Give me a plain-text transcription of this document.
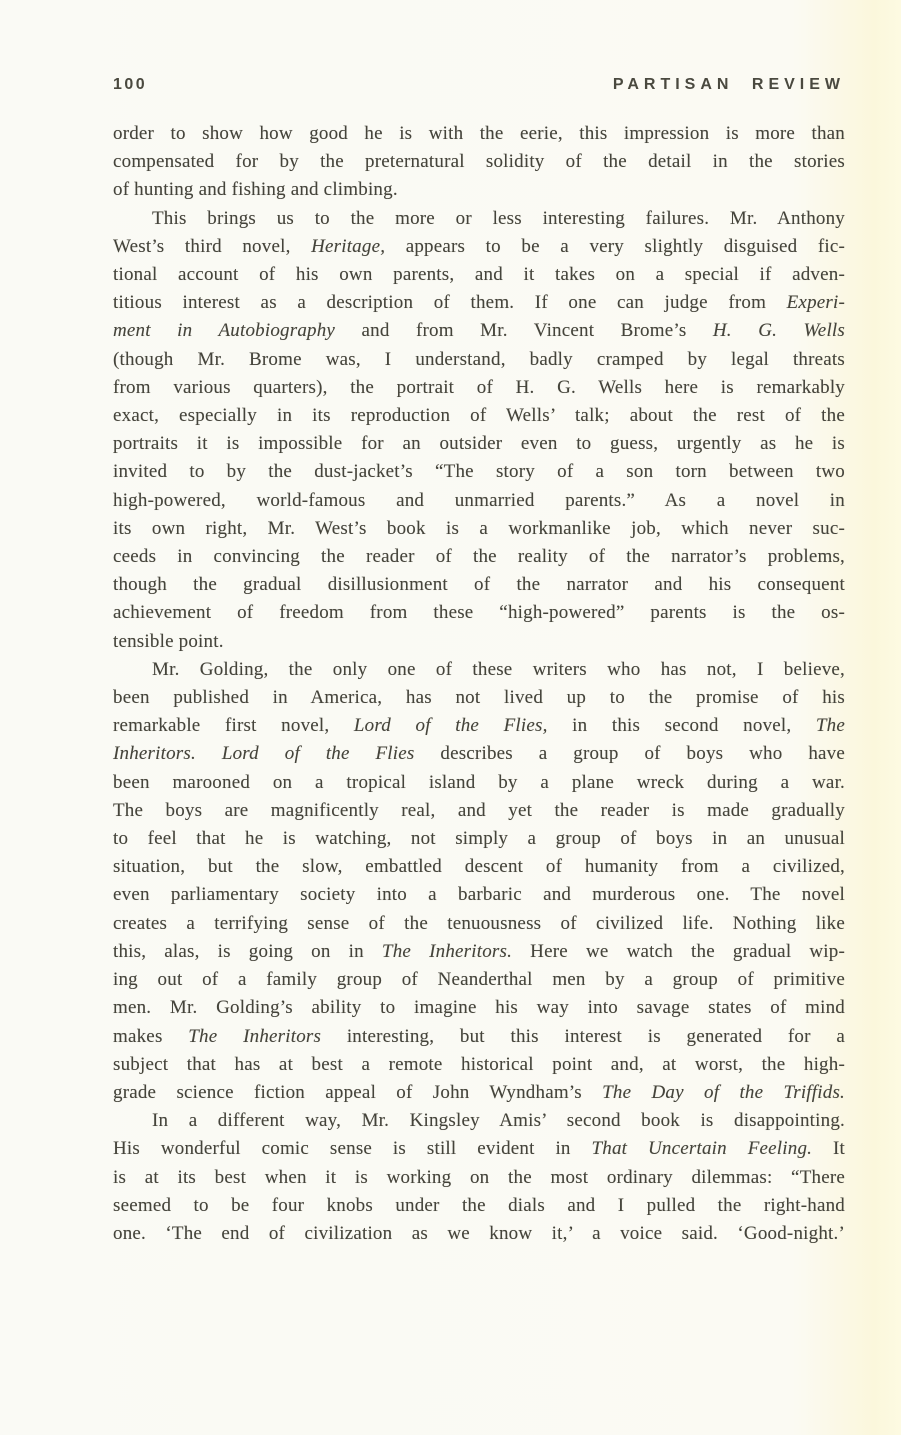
100	PARTISAN REVIEW
order to show how good he is with the eerie, this impression is more than
compensated for by the preternatural solidity of the detail in the stories
of hunting and fishing and climbing.
This brings us to the more or less interesting failures. Mr. Anthony
West’s third novel, Heritage, appears to be a very slightly disguised fic-
tional account of his own parents, and it takes on a special if adven-
titious interest as a description of them. If one can judge from Experi-
ment in Autobiography and from Mr. Vincent Brome’s H. G. Wells
(though Mr. Brome was, I understand, badly cramped by legal threats
from various quarters), the portrait of H. G. Wells here is remarkably
exact, especially in its reproduction of Wells’ talk; about the rest of the
portraits it is impossible for an outsider even to guess, urgently as he is
invited to by the dust-jacket’s “The story of a son torn between two
high-powered, world-famous and unmarried parents.” As a novel in
its own right, Mr. West’s book is a workmanlike job, which never suc-
ceeds in convincing the reader of the reality of the narrator’s problems,
though the gradual disillusionment of the narrator and his consequent
achievement of freedom from these “high-powered” parents is the os-
tensible point.
Mr. Golding, the only one of these writers who has not, I believe,
been published in America, has not lived up to the promise of his
remarkable first novel, Lord of the Flies, in this second novel, The
Inheritors. Lord of the Flies describes a group of boys who have
been marooned on a tropical island by a plane wreck during a war.
The boys are magnificently real, and yet the reader is made gradually
to feel that he is watching, not simply a group of boys in an unusual
situation, but the slow, embattled descent of humanity from a civilized,
even parliamentary society into a barbaric and murderous one. The novel
creates a terrifying sense of the tenuousness of civilized life. Nothing like
this, alas, is going on in The Inheritors. Here we watch the gradual wip-
ing out of a family group of Neanderthal men by a group of primitive
men. Mr. Golding’s ability to imagine his way into savage states of mind
makes The Inheritors interesting, but this interest is generated for a
subject that has at best a remote historical point and, at worst, the high-
grade science fiction appeal of John Wyndham’s The Day of the Triffids.
In a different way, Mr. Kingsley Amis’ second book is disappointing.
His wonderful comic sense is still evident in That Uncertain Feeling. It
is at its best when it is working on the most ordinary dilemmas: “There
seemed to be four knobs under the dials and I pulled the right-hand
one. ‘The end of civilization as we know it,’ a voice said. ‘Good-night.’
